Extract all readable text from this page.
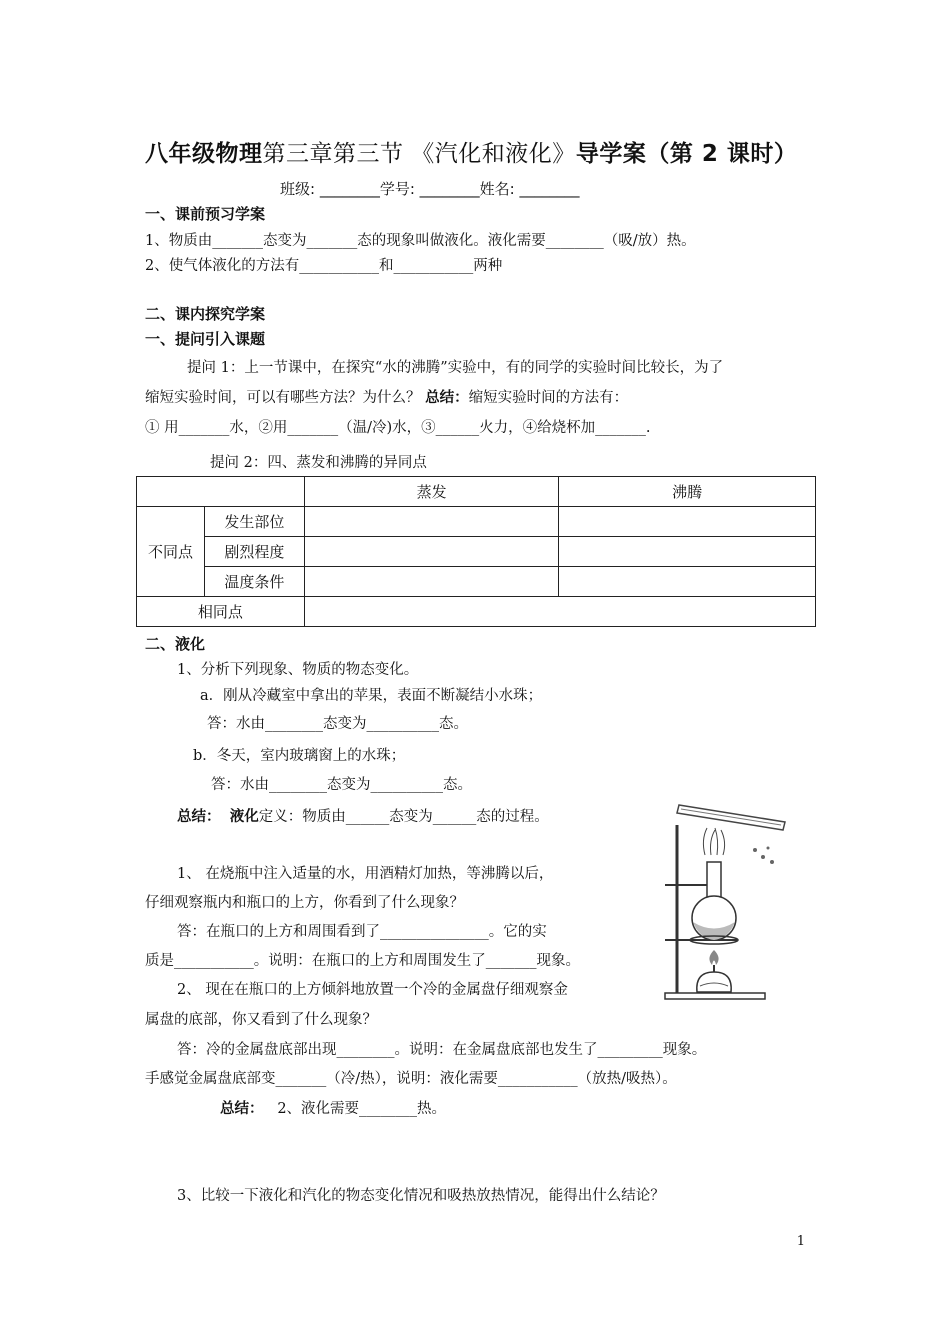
八年级物理第三章第三节 《汽化和液化》导学案（第 2 课时）
班级: ________学号: ________姓名: ________
一、课前预习学案
1、物质由_______态变为_______态的现象叫做液化。液化需要________（吸/放）热。
2、使气体液化的方法有___________和___________两种
二、课内探究学案
一、提问引入课题
提问 1：上一节课中，在探究“水的沸腾”实验中，有的同学的实验时间比较长，为了
缩短实验时间，可以有哪些方法？为什么？ 总结：缩短实验时间的方法有：
① 用_______水，②用_______（温/冷)水，③______火力，④给烧杯加_______.
提问 2：四、蒸发和沸腾的异同点
		蒸发	沸腾
不同点	发生部位		
	剧烈程度		
	温度条件		
相同点			
二、液化
1、分析下列现象、物质的物态变化。
a．刚从冷藏室中拿出的苹果，表面不断凝结小水珠；
答：水由________态变为__________态。
b．冬天，室内玻璃窗上的水珠；
答：水由________态变为__________态。
总结： 液化定义：物质由______态变为______态的过程。
1、 在烧瓶中注入适量的水，用酒精灯加热，等沸腾以后，
仔细观察瓶内和瓶口的上方，你看到了什么现象？
答：在瓶口的上方和周围看到了_______________。它的实
质是___________。说明：在瓶口的上方和周围发生了_______现象。
2、 现在在瓶口的上方倾斜地放置一个冷的金属盘仔细观察金
属盘的底部，你又看到了什么现象？
答：冷的金属盘底部出现________。说明：在金属盘底部也发生了_________现象。
手感觉金属盘底部变_______（冷/热），说明：液化需要___________（放热/吸热）。
总结： 2、液化需要________热。
3、比较一下液化和汽化的物态变化情况和吸热放热情况，能得出什么结论？
1
